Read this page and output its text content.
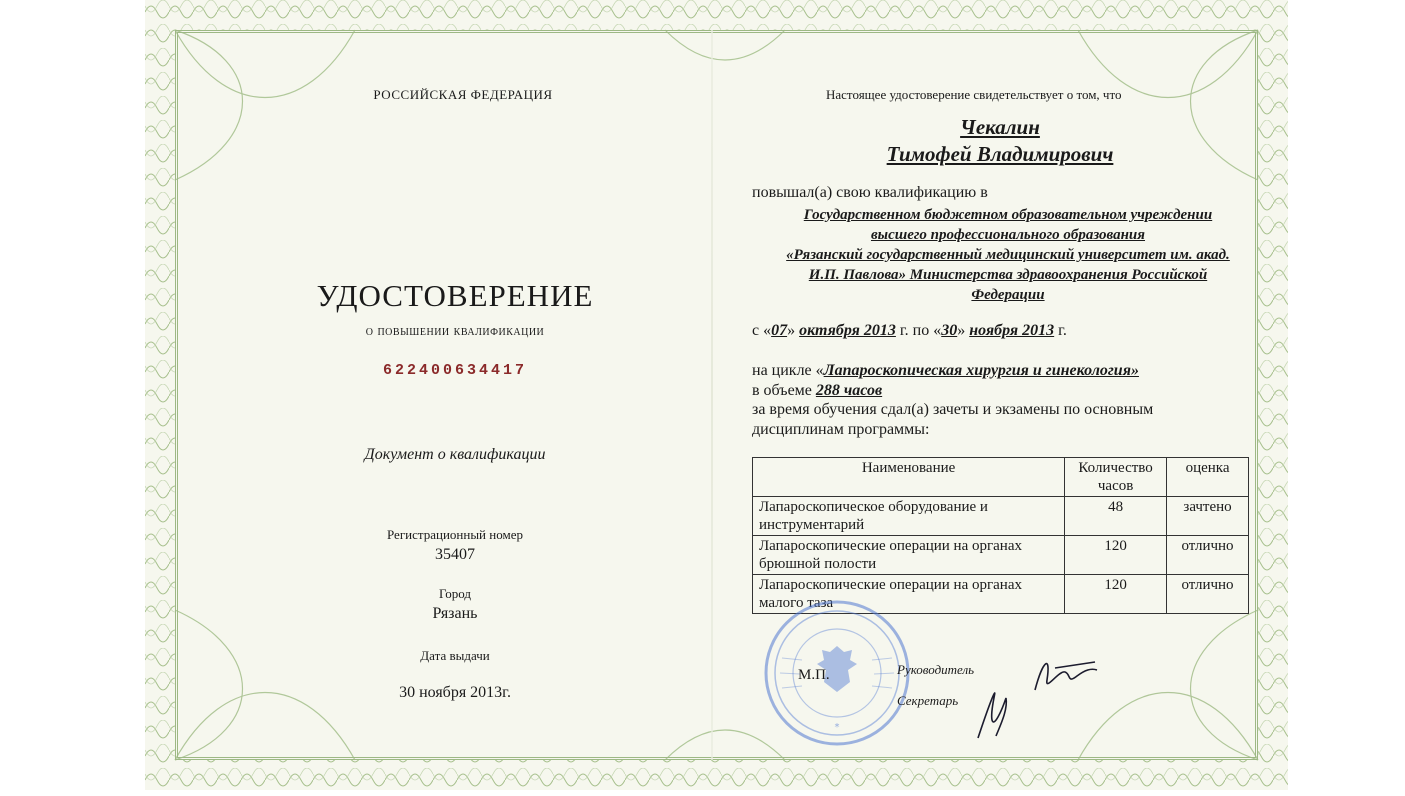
РОССИЙСКАЯ ФЕДЕРАЦИЯ
УДОСТОВЕРЕНИЕ
о повышении квалификации
622400634417
Документ о квалификации
Регистрационный номер
35407
Город
Рязань
Дата выдачи
30 ноября 2013г.
Настоящее удостоверение свидетельствует о том, что
Чекалин
Тимофей Владимирович
повышал(а) свою квалификацию в
Государственном бюджетном образовательном учреждении
высшего профессионального образования
«Рязанский государственный медицинский университет им. акад.
И.П. Павлова» Министерства здравоохранения Российской
Федерации
с «07» октября 2013 г. по «30» ноября 2013 г.
на цикле «Лапароскопическая хирургия и гинекология»
в объеме 288 часов
за время обучения сдал(а) зачеты и экзамены по основным
дисциплинам программы:
Наименование	Количество часов	оценка
Лапароскопическое оборудование и инструментарий	48	зачтено
Лапароскопические операции на органах брюшной полости	120	отлично
Лапароскопические операции на органах малого таза	120	отлично
*
М.П.	Руководитель
Секретарь
